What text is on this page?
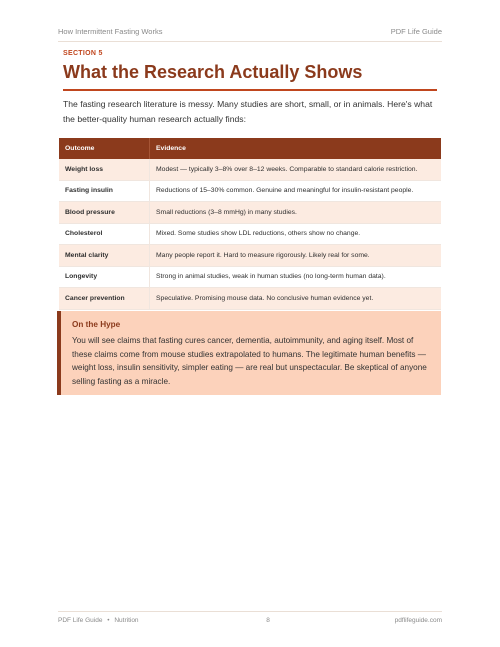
How Intermittent Fasting Works	PDF Life Guide
SECTION 5
What the Research Actually Shows

The fasting research literature is messy. Many studies are short, small, or in animals. Here's what the better-quality human research actually finds:

Outcome	Evidence
Weight loss	Modest — typically 3–8% over 8–12 weeks. Comparable to standard calorie restriction.
Fasting insulin	Reductions of 15–30% common. Genuine and meaningful for insulin-resistant people.
Blood pressure	Small reductions (3–8 mmHg) in many studies.
Cholesterol	Mixed. Some studies show LDL reductions, others show no change.
Mental clarity	Many people report it. Hard to measure rigorously. Likely real for some.
Longevity	Strong in animal studies, weak in human studies (no long-term human data).
Cancer prevention	Speculative. Promising mouse data. No conclusive human evidence yet.
On the Hype

You will see claims that fasting cures cancer, dementia, autoimmunity, and aging itself. Most of these claims come from mouse studies extrapolated to humans. The legitimate human benefits — weight loss, insulin sensitivity, simpler eating — are real but unspectacular. Be skeptical of anyone selling fasting as a miracle.

PDF Life Guide • Nutrition	8	pdflifeguide.com
